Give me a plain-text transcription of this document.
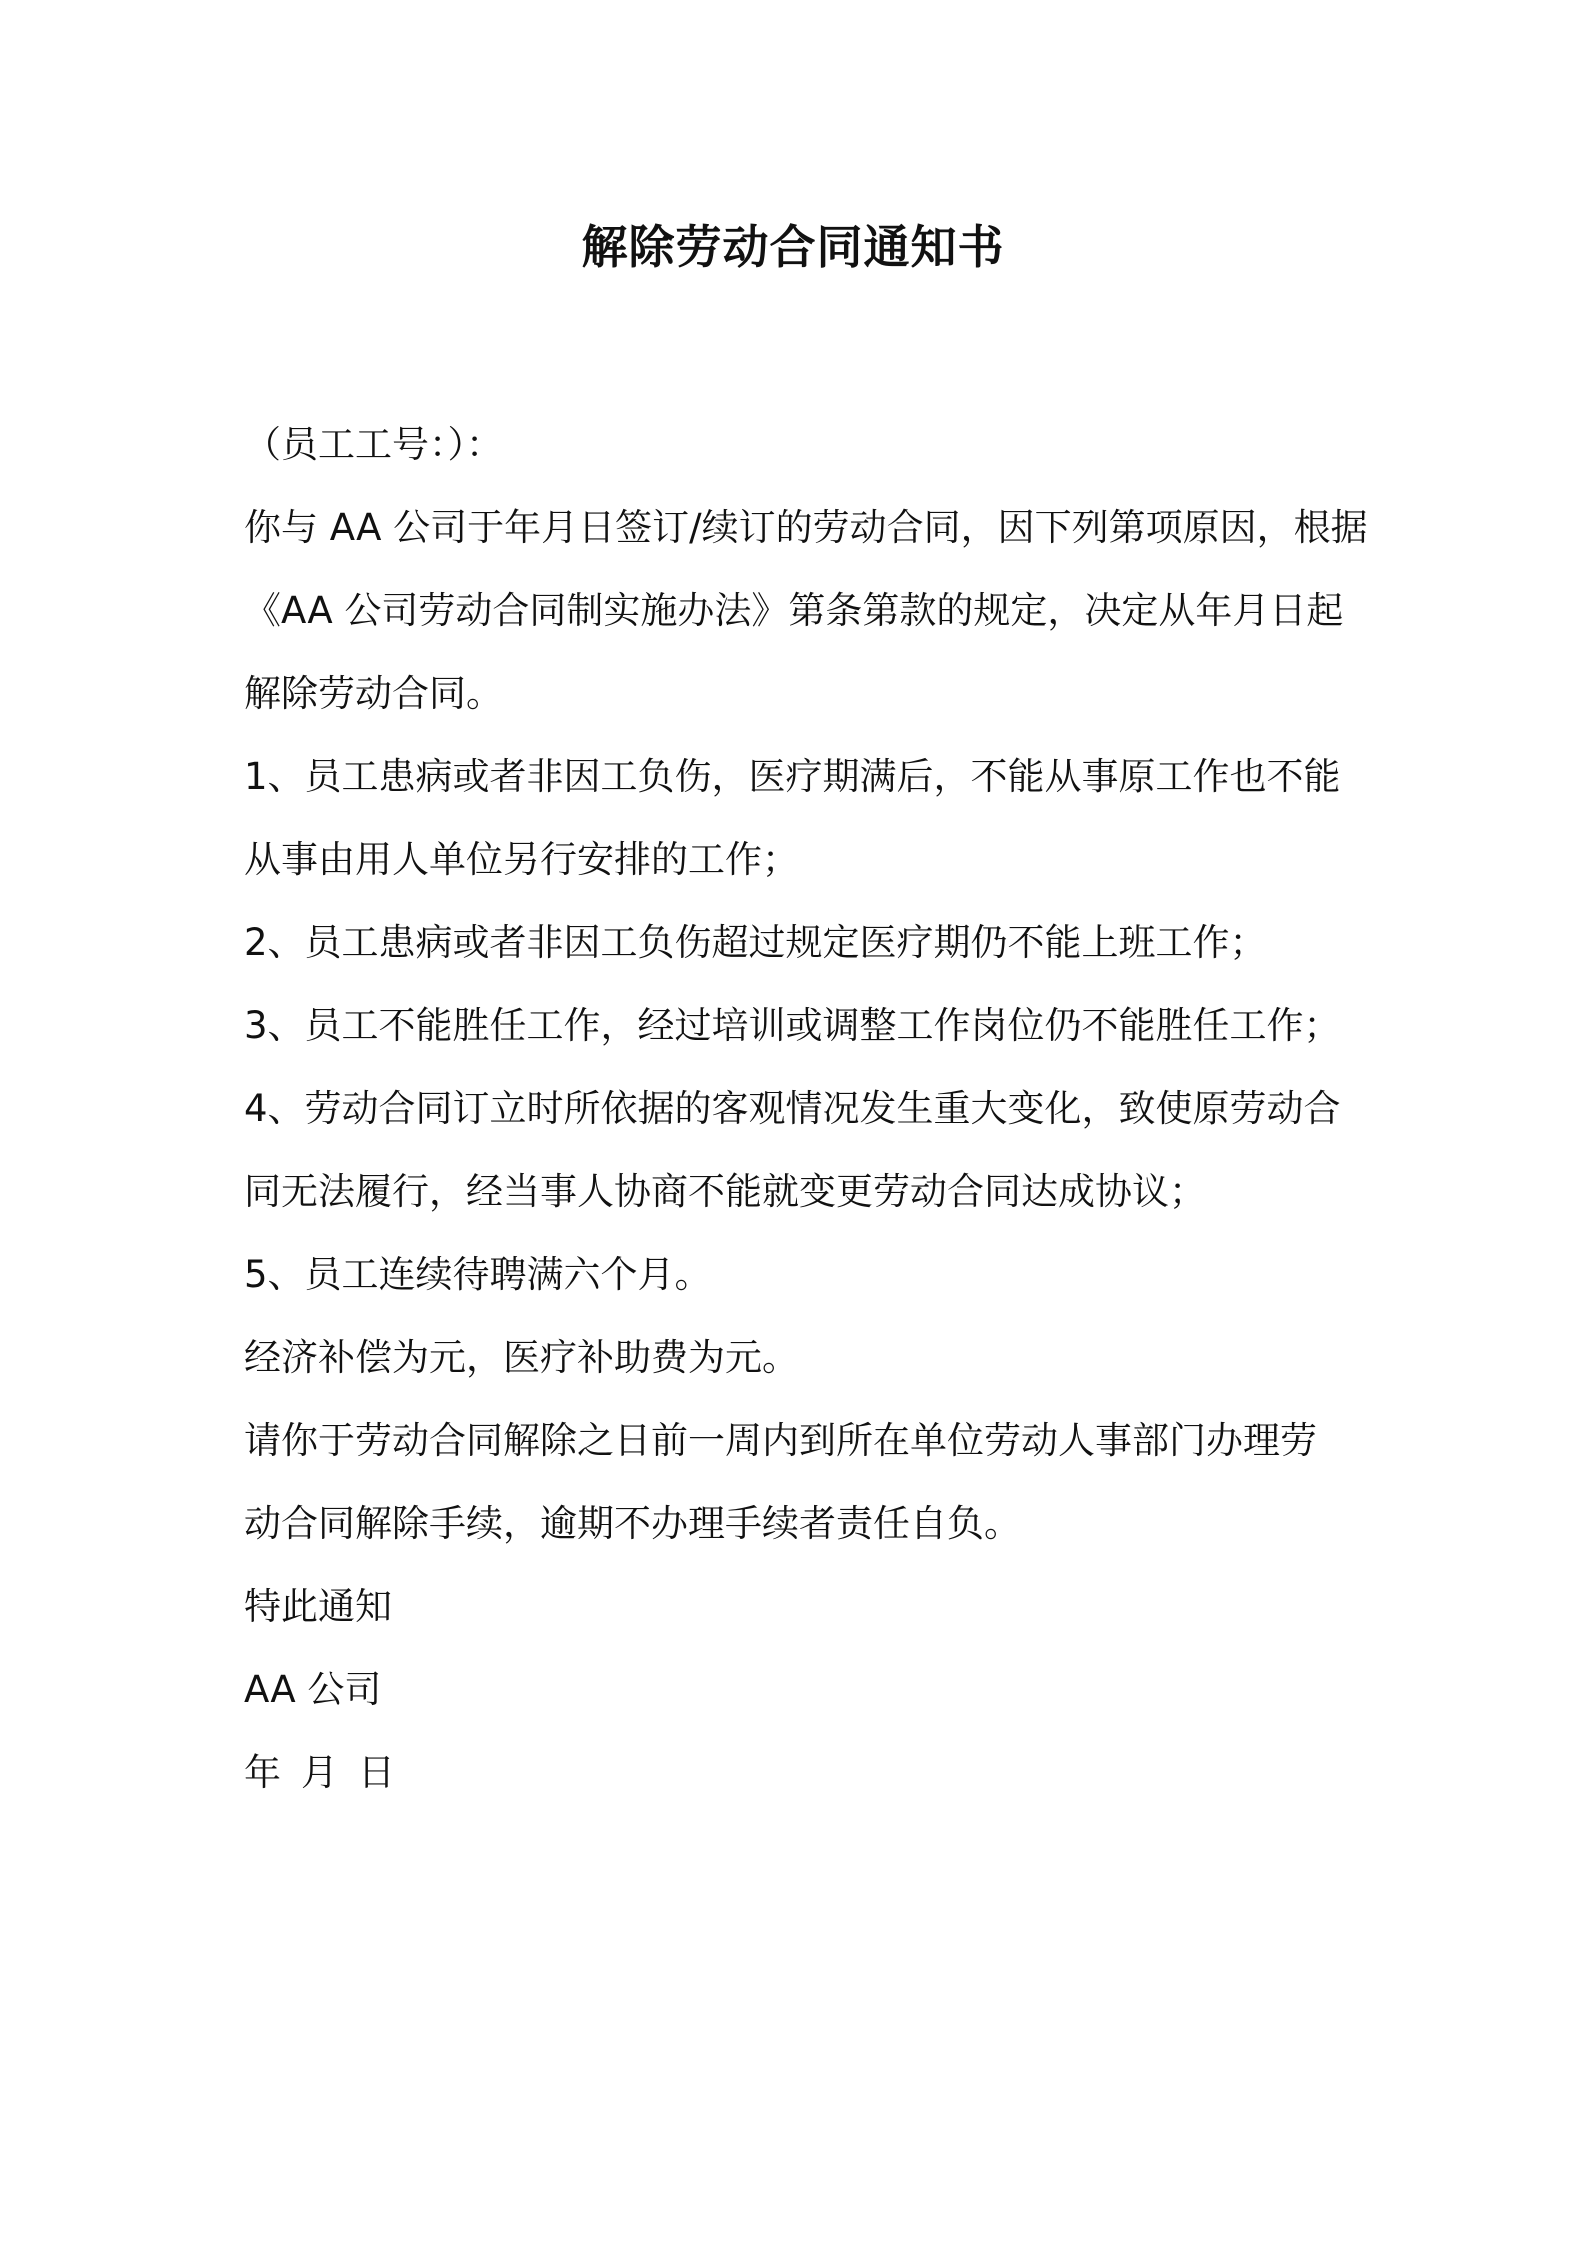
解除劳动合同通知书
（员工工号：）：
你与 AA 公司于年月日签订/续订的劳动合同，因下列第项原因，根据
《AA 公司劳动合同制实施办法》第条第款的规定，决定从年月日起
解除劳动合同。
1、员工患病或者非因工负伤，医疗期满后，不能从事原工作也不能
从事由用人单位另行安排的工作；
2、员工患病或者非因工负伤超过规定医疗期仍不能上班工作；
3、员工不能胜任工作，经过培训或调整工作岗位仍不能胜任工作；
4、劳动合同订立时所依据的客观情况发生重大变化，致使原劳动合
同无法履行，经当事人协商不能就变更劳动合同达成协议；
5、员工连续待聘满六个月。
经济补偿为元，医疗补助费为元。
请你于劳动合同解除之日前一周内到所在单位劳动人事部门办理劳
动合同解除手续，逾期不办理手续者责任自负。
特此通知
AA 公司
年 月 日
